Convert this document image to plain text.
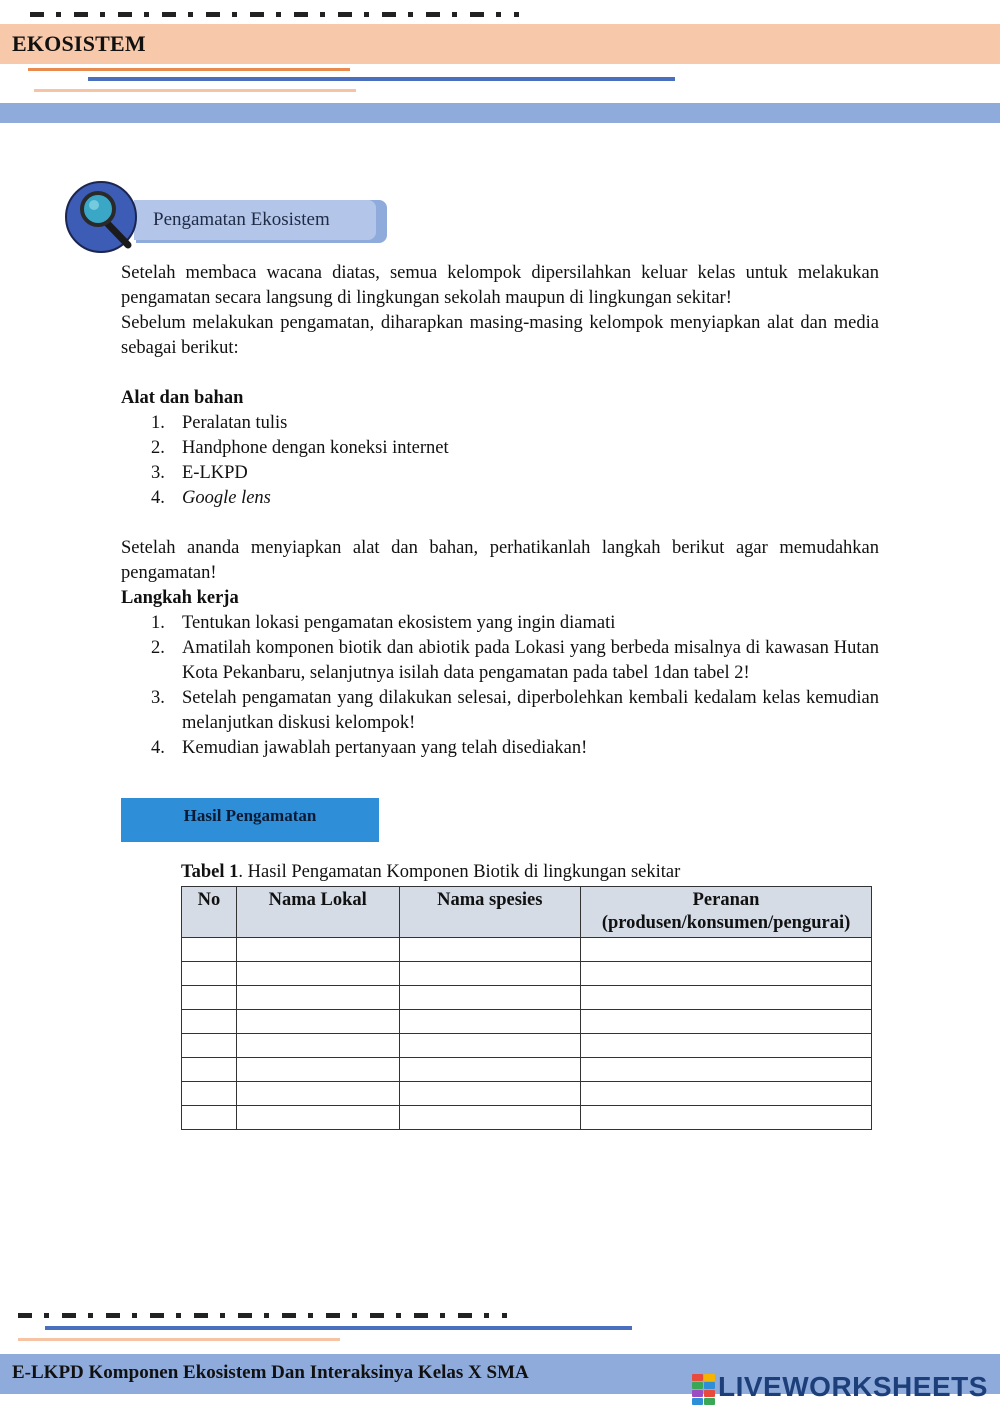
EKOSISTEM
Pengamatan Ekosistem
Setelah membaca wacana diatas, semua kelompok dipersilahkan keluar kelas untuk melakukan pengamatan secara langsung di lingkungan sekolah maupun di lingkungan sekitar!
Sebelum melakukan pengamatan, diharapkan masing-masing kelompok menyiapkan alat dan media sebagai berikut:
Alat dan bahan
1. Peralatan tulis
2. Handphone dengan koneksi internet
3. E-LKPD
4. Google lens
Setelah ananda menyiapkan alat dan bahan, perhatikanlah langkah berikut agar memudahkan pengamatan!
Langkah kerja
1. Tentukan lokasi pengamatan ekosistem yang ingin diamati
2. Amatilah komponen biotik dan abiotik pada Lokasi yang berbeda misalnya di kawasan Hutan Kota Pekanbaru, selanjutnya isilah data pengamatan pada tabel 1dan tabel 2!
3. Setelah pengamatan yang dilakukan selesai, diperbolehkan kembali kedalam kelas kemudian melanjutkan diskusi kelompok!
4. Kemudian jawablah pertanyaan yang telah disediakan!
Hasil Pengamatan
Tabel 1. Hasil Pengamatan Komponen Biotik di lingkungan sekitar
No	Nama Lokal	Nama spesies	Peranan
(produsen/konsumen/pengurai)

E-LKPD Komponen Ekosistem Dan Interaksinya Kelas X SMA	LIVEWORKSHEETS
